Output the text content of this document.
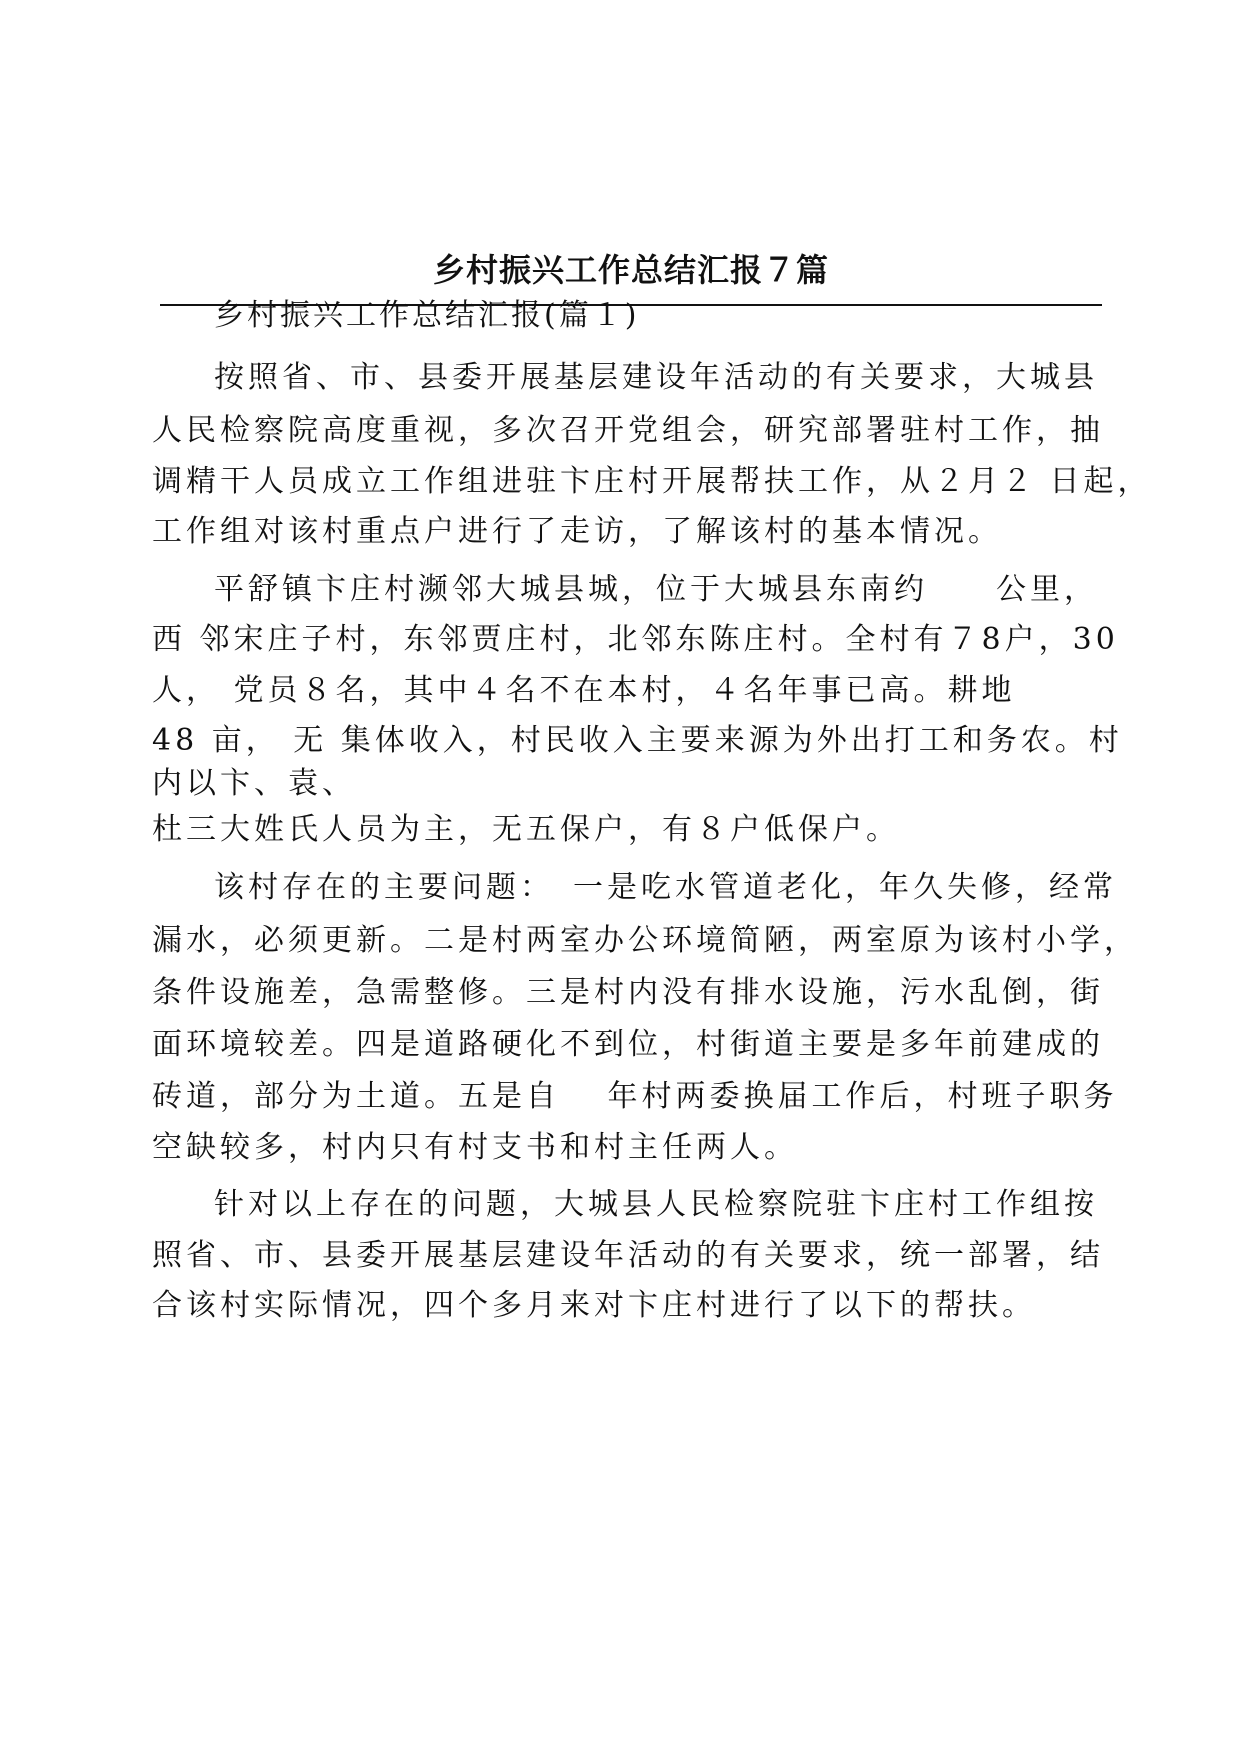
乡村振兴工作总结汇报７篇
乡村振兴工作总结汇报(篇１)
按照省、市、县委开展基层建设年活动的有关要求，大城县
人民检察院高度重视，多次召开党组会，研究部署驻村工作，抽
调精干人员成立工作组进驻卞庄村开展帮扶工作，从２月２ 日起，
工作组对该村重点户进行了走访，了解该村的基本情况。
平舒镇卞庄村濒邻大城县城，位于大城县东南约　　公里，
西 邻宋庄子村，东邻贾庄村，北邻东陈庄村。全村有７8户，30
人， 党员８名，其中４名不在本村，４名年事已高。耕地
48 亩， 无 集体收入，村民收入主要来源为外出打工和务农。村
内以卞、袁、
杜三大姓氏人员为主，无五保户，有８户低保户。
该村存在的主要问题：　一是吃水管道老化，年久失修，经常
漏水，必须更新。二是村两室办公环境简陋，两室原为该村小学，
条件设施差，急需整修。三是村内没有排水设施，污水乱倒，街
面环境较差。四是道路硬化不到位，村街道主要是多年前建成的
砖道，部分为土道。五是自　 年村两委换届工作后，村班子职务
空缺较多，村内只有村支书和村主任两人。
针对以上存在的问题，大城县人民检察院驻卞庄村工作组按
照省、市、县委开展基层建设年活动的有关要求，统一部署，结
合该村实际情况，四个多月来对卞庄村进行了以下的帮扶。
